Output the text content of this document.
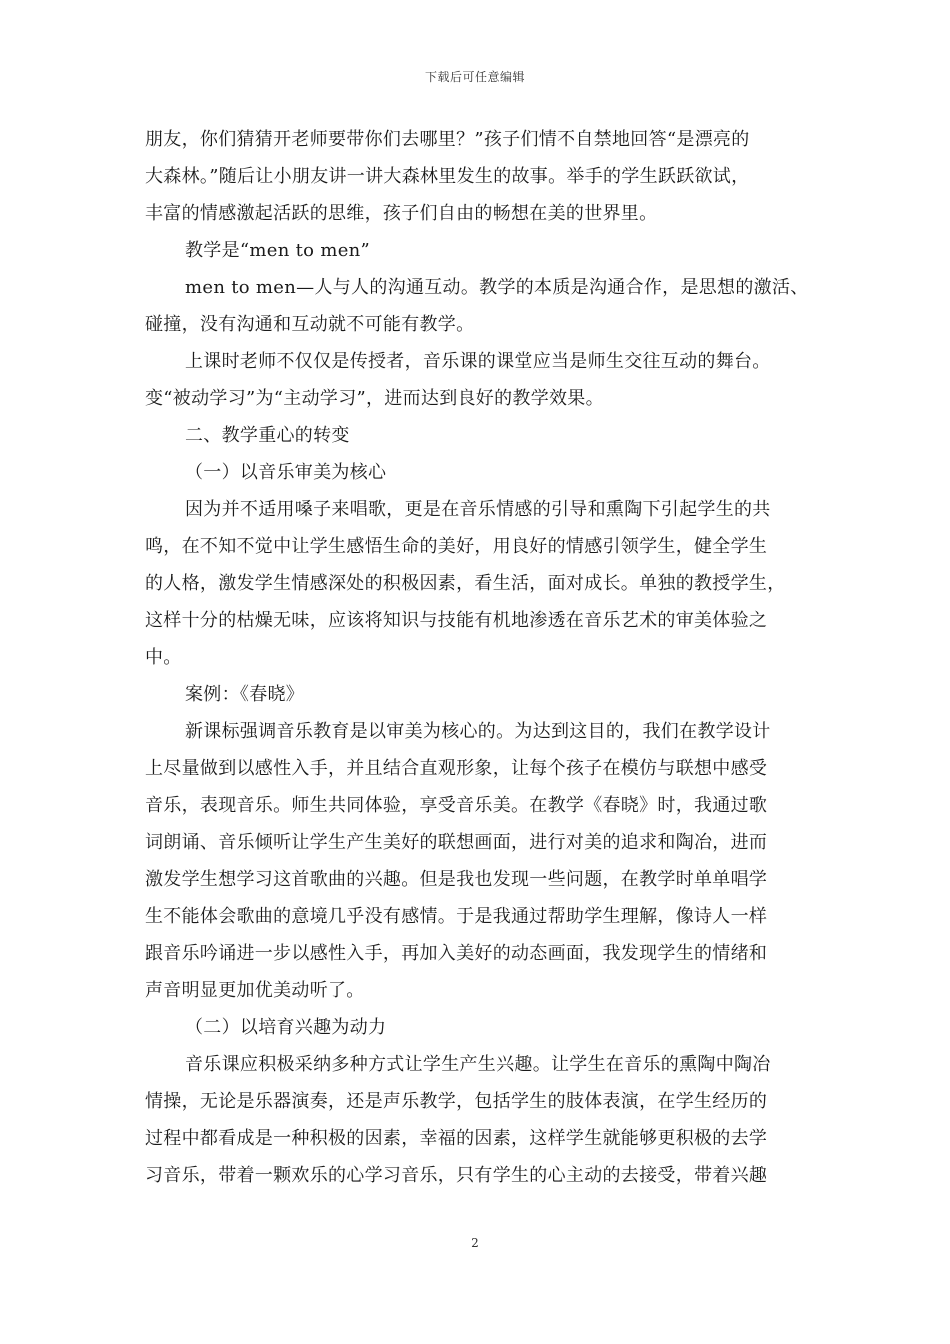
下载后可任意编辑
朋友，你们猜猜开老师要带你们去哪里？”孩子们情不自禁地回答“是漂亮的
大森林。”随后让小朋友讲一讲大森林里发生的故事。举手的学生跃跃欲试，
丰富的情感激起活跃的思维，孩子们自由的畅想在美的世界里。
教学是“men to men”
men to men—人与人的沟通互动。教学的本质是沟通合作，是思想的激活、
碰撞，没有沟通和互动就不可能有教学。
上课时老师不仅仅是传授者，音乐课的课堂应当是师生交往互动的舞台。
变“被动学习”为“主动学习”，进而达到良好的教学效果。
二、教学重心的转变
（一）以音乐审美为核心
因为并不适用嗓子来唱歌，更是在音乐情感的引导和熏陶下引起学生的共
鸣，在不知不觉中让学生感悟生命的美好，用良好的情感引领学生，健全学生
的人格，激发学生情感深处的积极因素，看生活，面对成长。单独的教授学生，
这样十分的枯燥无味，应该将知识与技能有机地渗透在音乐艺术的审美体验之
中。
案例：《春晓》
新课标强调音乐教育是以审美为核心的。为达到这目的，我们在教学设计
上尽量做到以感性入手，并且结合直观形象，让每个孩子在模仿与联想中感受
音乐，表现音乐。师生共同体验，享受音乐美。在教学《春晓》时，我通过歌
词朗诵、音乐倾听让学生产生美好的联想画面，进行对美的追求和陶冶，进而
激发学生想学习这首歌曲的兴趣。但是我也发现一些问题，在教学时单单唱学
生不能体会歌曲的意境几乎没有感情。于是我通过帮助学生理解，像诗人一样
跟音乐吟诵进一步以感性入手，再加入美好的动态画面，我发现学生的情绪和
声音明显更加优美动听了。
（二）以培育兴趣为动力
音乐课应积极采纳多种方式让学生产生兴趣。让学生在音乐的熏陶中陶冶
情操，无论是乐器演奏，还是声乐教学，包括学生的肢体表演，在学生经历的
过程中都看成是一种积极的因素，幸福的因素，这样学生就能够更积极的去学
习音乐，带着一颗欢乐的心学习音乐，只有学生的心主动的去接受，带着兴趣
2
